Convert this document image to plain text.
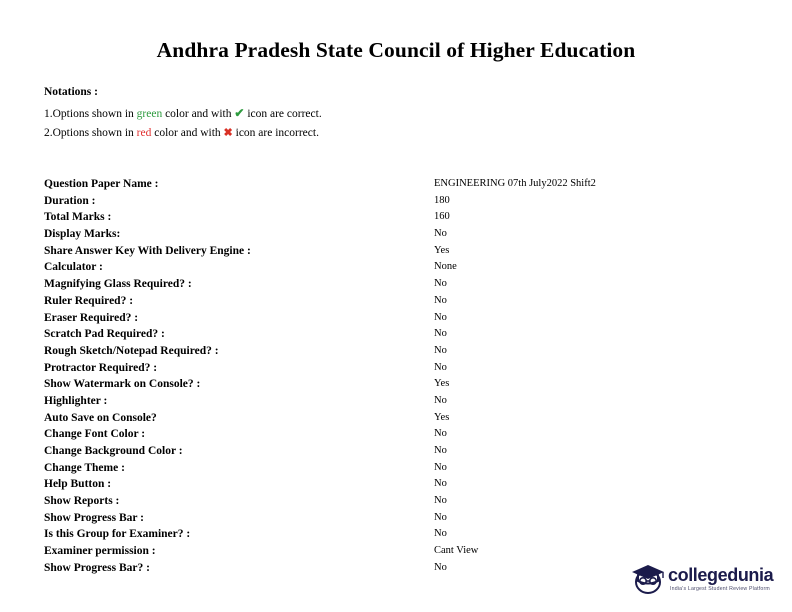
Andhra Pradesh State Council of Higher Education
Notations :
1.Options shown in green color and with ✔ icon are correct.
2.Options shown in red color and with ✖ icon are incorrect.
Question Paper Name :	ENGINEERING 07th July2022 Shift2
Duration :	180
Total Marks :	160
Display Marks:	No
Share Answer Key With Delivery Engine :	Yes
Calculator :	None
Magnifying Glass Required? :	No
Ruler Required? :	No
Eraser Required? :	No
Scratch Pad Required? :	No
Rough Sketch/Notepad Required? :	No
Protractor Required? :	No
Show Watermark on Console? :	Yes
Highlighter :	No
Auto Save on Console?	Yes
Change Font Color :	No
Change Background Color :	No
Change Theme :	No
Help Button :	No
Show Reports :	No
Show Progress Bar :	No
Is this Group for Examiner? :	No
Examiner permission :	Cant View
Show Progress Bar? :	No	collegedunia
India's Largest Student Review Platform
